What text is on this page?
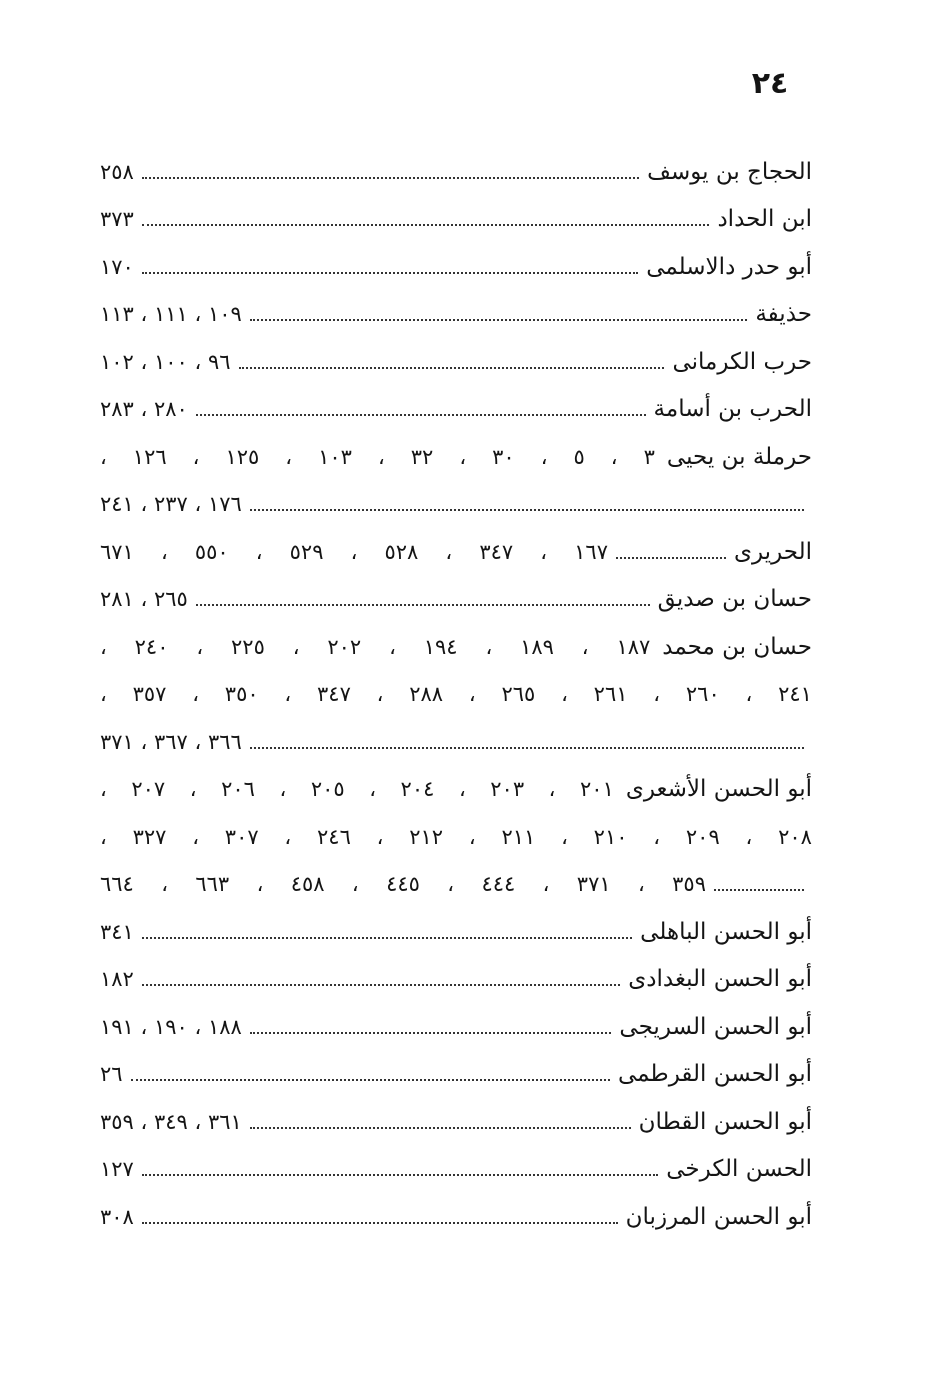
٢٤
الحجاج بن يوسف
٢٥٨
ابن الحداد
٣٧٣
أبو حدر دالاسلمى
١٧٠
حذيفة
١٠٩ ، ١١١ ، ١١٣
حرب الكرمانى
٩٦ ، ١٠٠ ، ١٠٢
الحرب بن أسامة
٢٨٠ ، ٢٨٣
حرملة بن يحيى
٣ ، ٥ ، ٣٠ ، ٣٢ ، ١٠٣ ، ١٢٥ ، ١٢٦ ،
١٧٦ ، ٢٣٧ ، ٢٤١
الحريرى
١٦٧ ، ٣٤٧ ، ٥٢٨ ، ٥٢٩ ، ٥٥٠ ، ٦٧١
حسان بن صديق
٢٦٥ ، ٢٨١
حسان بن محمد
١٨٧ ، ١٨٩ ، ١٩٤ ، ٢٠٢ ، ٢٢٥ ، ٢٤٠ ،
٢٤١ ، ٢٦٠ ، ٢٦١ ، ٢٦٥ ، ٢٨٨ ، ٣٤٧ ، ٣٥٠ ، ٣٥٧ ،
٣٦٦ ، ٣٦٧ ، ٣٧١
أبو الحسن الأشعرى
٢٠١ ، ٢٠٣ ، ٢٠٤ ، ٢٠٥ ، ٢٠٦ ، ٢٠٧ ،
٢٠٨ ، ٢٠٩ ، ٢١٠ ، ٢١١ ، ٢١٢ ، ٢٤٦ ، ٣٠٧ ، ٣٢٧ ،
٣٥٩ ، ٣٧١ ، ٤٤٤ ، ٤٤٥ ، ٤٥٨ ، ٦٦٣ ، ٦٦٤
أبو الحسن الباهلى
٣٤١
أبو الحسن البغدادى
١٨٢
أبو الحسن السريجى
١٨٨ ، ١٩٠ ، ١٩١
أبو الحسن القرطمى
٢٦
أبو الحسن القطان
٣٦١ ، ٣٤٩ ، ٣٥٩
الحسن الكرخى
١٢٧
أبو الحسن المرزبان
٣٠٨
